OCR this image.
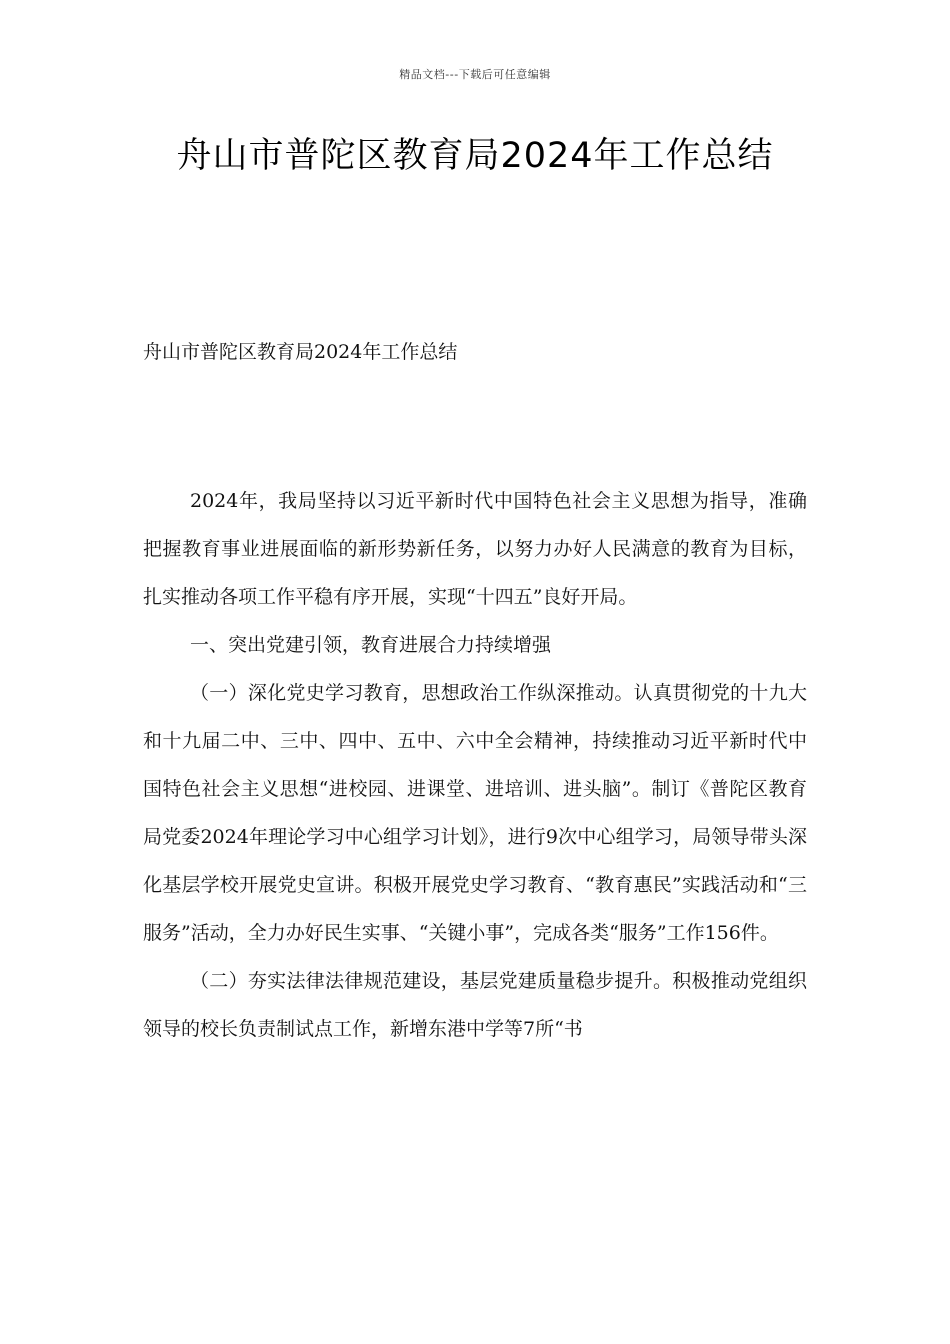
精品文档---下载后可任意编辑
舟山市普陀区教育局2024年工作总结
舟山市普陀区教育局2024年工作总结

2024年，我局坚持以习近平新时代中国特色社会主义思想为指导，准确把握教育事业进展面临的新形势新任务，以努力办好人民满意的教育为目标，扎实推动各项工作平稳有序开展，实现“十四五”良好开局。

一、突出党建引领，教育进展合力持续增强

（一）深化党史学习教育，思想政治工作纵深推动。认真贯彻党的十九大和十九届二中、三中、四中、五中、六中全会精神，持续推动习近平新时代中国特色社会主义思想“进校园、进课堂、进培训、进头脑”。制订《普陀区教育局党委2024年理论学习中心组学习计划》，进行9次中心组学习，局领导带头深化基层学校开展党史宣讲。积极开展党史学习教育、“教育惠民”实践活动和“三服务”活动，全力办好民生实事、“关键小事”，完成各类“服务”工作156件。

（二）夯实法律法律规范建设，基层党建质量稳步提升。积极推动党组织领导的校长负责制试点工作，新增东港中学等7所“书
